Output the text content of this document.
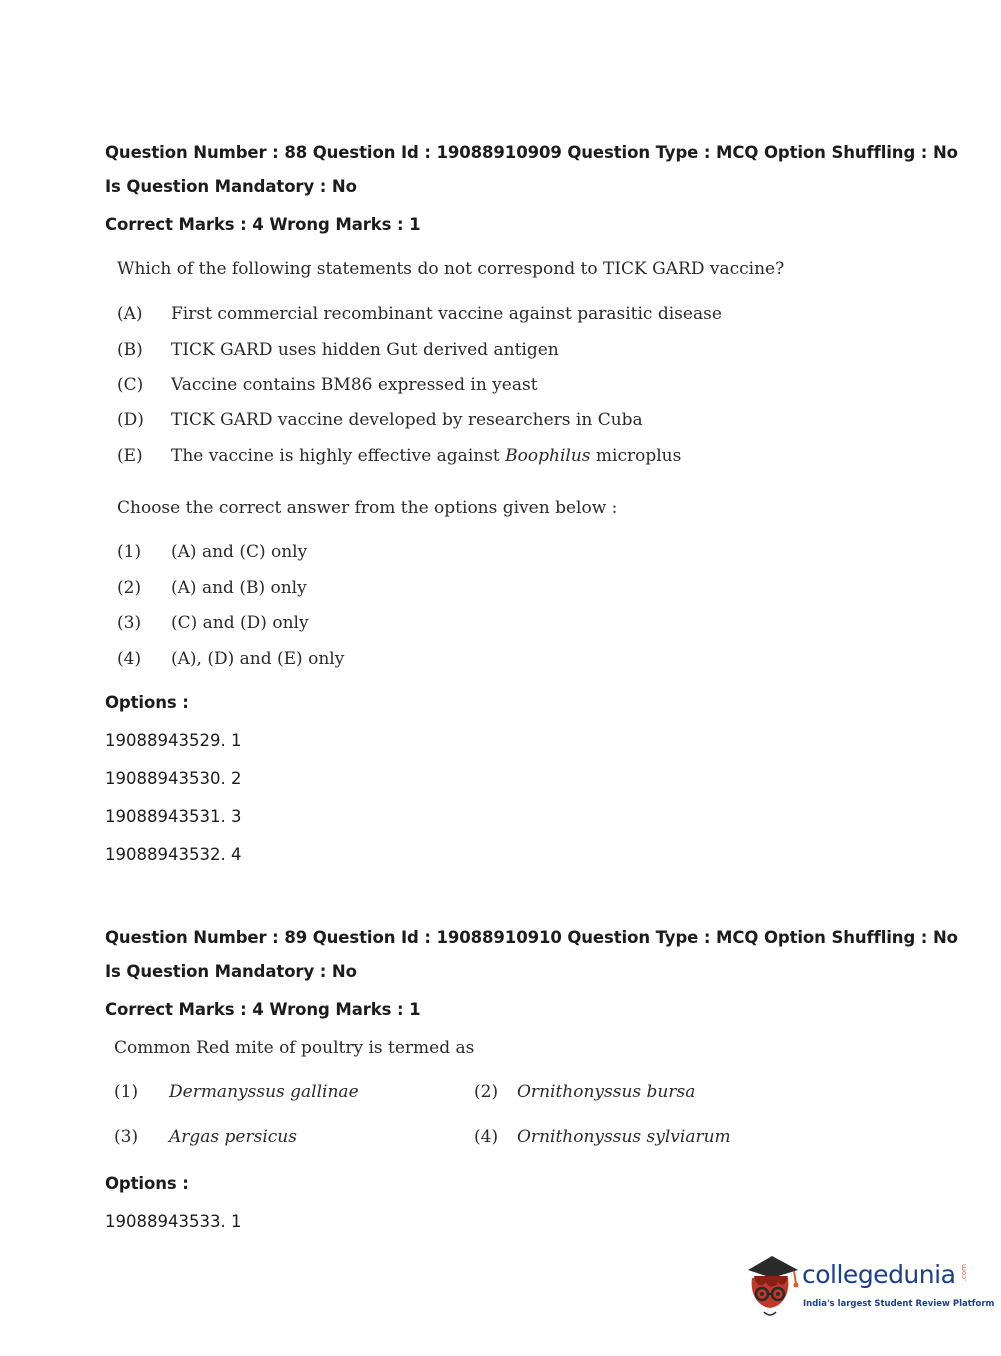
Question Number : 88 Question Id : 19088910909 Question Type : MCQ Option Shuffling : No
Is Question Mandatory : No
Correct Marks : 4 Wrong Marks : 1
Which of the following statements do not correspond to TICK GARD vaccine?
(A) First commercial recombinant vaccine against parasitic disease
(B) TICK GARD uses hidden Gut derived antigen
(C) Vaccine contains BM86 expressed in yeast
(D) TICK GARD vaccine developed by researchers in Cuba
(E) The vaccine is highly effective against Boophilus microplus
Choose the correct answer from the options given below :
(1) (A) and (C) only
(2) (A) and (B) only
(3) (C) and (D) only
(4) (A), (D) and (E) only
Options :
19088943529. 1
19088943530. 2
19088943531. 3
19088943532. 4
Question Number : 89 Question Id : 19088910910 Question Type : MCQ Option Shuffling : No
Is Question Mandatory : No
Correct Marks : 4 Wrong Marks : 1
Common Red mite of poultry is termed as
(1) Dermanyssus gallinae	(2) Ornithonyssus bursa
(3) Argas persicus	(4) Ornithonyssus sylviarum
Options :
19088943533. 1
collegedunia .com
India's largest Student Review Platform
